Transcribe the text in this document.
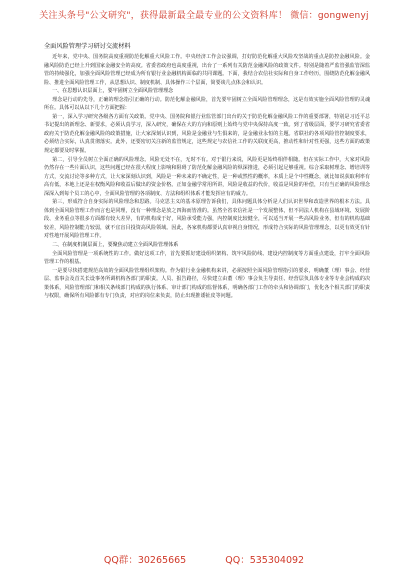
关注头条号"公文研究"，获得最新最全最专业的公文资料库！ 微信：gongwenyj

全面风险管理学习研讨交流材料

近年来，党中央、国务院高度重视防范化解重大风险工作。中央经济工作会议强调，打好防范化解重大风险攻坚战的重点是防控金融风险。金融风险防范已经上升到国家金融安全的高度。省委省政府也高度重视，出台了一系列有关防范金融风险的政策文件。特别是随着严监管强监管深监管的持续强化，加强全面风险管理已经成为所有银行业金融机构面临的共同课题。下面，我结合农信社实际和自身工作经历，围绕防范化解金融风险、推进全面风险管理工作，从思想认识、制度机制、具体操作三个层面，简要谈几点体会和认识。

一、在思想认识层面上，要牢固树立全面风险管理理念

理念是行动的先导，正确的理念指引正确的行动。防范化解金融风险，首先要牢固树立全面风险管理理念，这是有效实施全面风险管理的灵魂所在。具体可以从以下几个方面把握：

第一，深入学习研究各级各方面有关政策。党中央、国务院和银行业监管部门出台的关于防范化解金融风险工作的重要部署，特别是习近平总书记提出的新理念、新要求，必须认真学习，深入研究，确保在大的方向和原则上始终与党中央保持高度一致。到了省级层面，要学习研究省委省政府关于防范化解金融风险的政策措施，让大家深刻认识到，风险是金融业与生俱来的，是金融业永恒的主题。省联社的各项风险管控制度要求，必须结合实际，认真贯彻落实。此外，还要密切关注新的监管规定，这些规定与农信社工作的关联度更高，推动性和针对性更强，这些方面的政策规定都要及时掌握。

第二，引导全员树立全面正确的风险理念。风险无处不在，无时不有。对于银行来说，风险更是始终相伴相随。但在实际工作中，大家对风险仍然存在一些片面认识，这些问题已经在很大程度上影响和阻碍了防范化解金融风险的纵深推进，必须引起足够重视。综合采取树理念、增培训等方式，交流讨论等多种方式，让大家深刻认识到，风险是一种未来的不确定性，是一种或然性的概率，本质上是个中性概念，就比如说获取利率有高有低，本地上还是在权衡风险和收益后做出的资金价格。正如金融学常用所讲，风险是收益的代价，收益是风险的补偿，只有当正确的风险理念深深入到每个员工的心中，全面风险管理的各项制度、方法和组织体系才能发挥应有的威力。

第三，形成符合自身实际的风险理念和思路。马克思主义的基本原理告诉我们，具体问题具体分析是人们认识世界和改造世界的根本方法。具体到全面风险管理工作而言也是同理，没有一种理念是放之四海而皆准的。虽然全省农信社是一个发展整体，但不同法人机构在县域环境、发展阶段、业务重点等很多方面都有较大差异，有的机构成于好，风险承受能力强，内控制度比较健全，可以适当开展一些高风险业务，但有的机构基础较差，风险控制能力较弱，就不宜盲目投资高风险领域。因此，各家机构都要认真审视自身情况，形成符合实际的风险管理理念，以更有效更有针对性地开展风险管理工作。

二、在制度机制层面上，要聚焦动建立全面风险管理体系

全面风险管理是一项系统性的工作。做好这项工作，首先要抓好建设组织架构、筑牢风险防线、建设内控制度等方面重点建设，打牢全面风险管理工作的根基。

一是要尽快搭建规范高效的全面风险管理组织架构。作为银行业金融机构来讲，必须按照全面风险管理指引的要求，明确董（理）事会、经营层、监事会及首关长设事务所调机构各部门的职责。人员、报告路径，尽快建立由董（理）事会负主导责任、经营层负具体专业等专业会构成的决策体系，风险管理部门和相关条线部门构成的执行体系、审计部门构成的监督体系，明确各部门工作的牵头和协调部门，优化各个相关部门的职责与权限，确保所有风险都有专门负责，对应的岗位来负责，防止出现推诿扯皮等问题。

QQ群：30265665	QQ：535304092
